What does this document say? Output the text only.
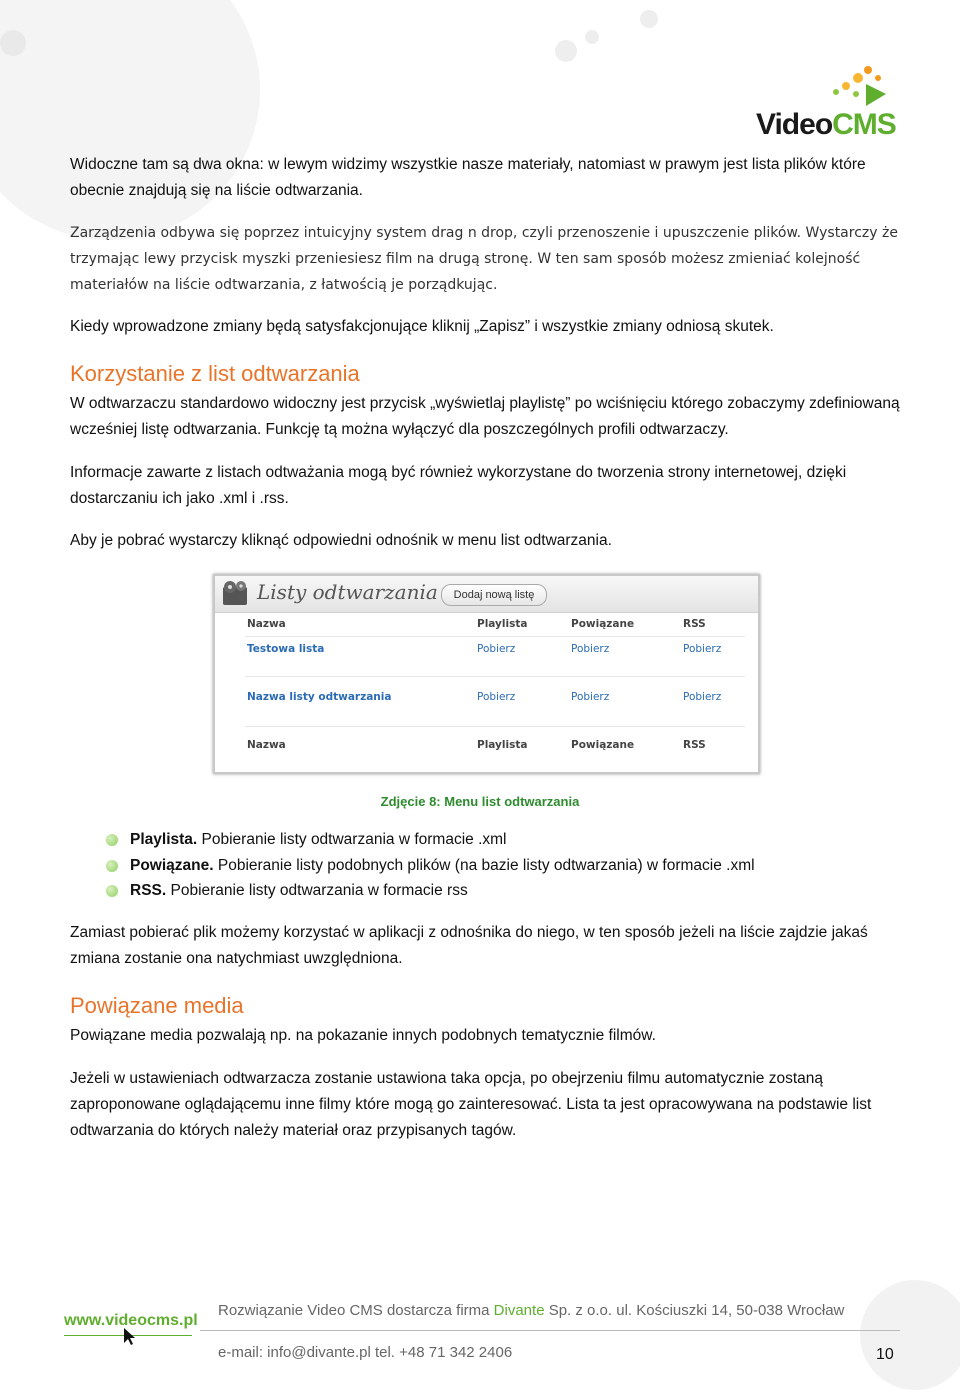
VideoCMS
Widoczne tam są dwa okna: w lewym widzimy wszystkie nasze materiały, natomiast w prawym jest lista plików które obecnie znajdują się na liście odtwarzania.
Zarządzenia odbywa się poprzez intuicyjny system drag n drop, czyli przenoszenie i upuszczenie plików. Wystarczy że trzymając lewy przycisk myszki przeniesiesz film na drugą stronę. W ten sam sposób możesz zmieniać kolejność materiałów na liście odtwarzania, z łatwością je porządkując.
Kiedy wprowadzone zmiany będą satysfakcjonujące kliknij „Zapisz” i wszystkie zmiany odniosą skutek.
Korzystanie z list odtwarzania
W odtwarzaczu standardowo widoczny jest przycisk „wyświetlaj playlistę” po wciśnięciu którego zobaczymy zdefiniowaną wcześniej listę odtwarzania. Funkcję tą można wyłączyć dla poszczególnych profili odtwarzaczy.
Informacje zawarte z listach odtważania mogą być również wykorzystane do tworzenia strony internetowej, dzięki dostarczaniu ich jako .xml i .rss.
Aby je pobrać wystarczy kliknąć odpowiedni odnośnik w menu list odtwarzania.
Listy odtwarzania	Dodaj nową listę
Nazwa	Playlista	Powiązane	RSS
Testowa lista	Pobierz	Pobierz	Pobierz
Nazwa listy odtwarzania	Pobierz	Pobierz	Pobierz
Nazwa	Playlista	Powiązane	RSS
Zdjęcie 8: Menu list odtwarzania
Playlista. Pobieranie listy odtwarzania w formacie .xml
Powiązane. Pobieranie listy podobnych plików (na bazie listy odtwarzania) w formacie .xml
RSS. Pobieranie listy odtwarzania w formacie rss
Zamiast pobierać plik możemy korzystać w aplikacji z odnośnika do niego, w ten sposób jeżeli na liście zajdzie jakaś zmiana zostanie ona natychmiast uwzględniona.
Powiązane media
Powiązane media pozwalają np. na pokazanie innych podobnych tematycznie filmów.
Jeżeli w ustawieniach odtwarzacza zostanie ustawiona taka opcja, po obejrzeniu filmu automatycznie zostaną zaproponowane oglądającemu inne filmy które mogą go zainteresować. Lista ta jest opracowywana na podstawie list odtwarzania do których należy materiał oraz przypisanych tagów.
www.videocms.pl
Rozwiązanie Video CMS dostarcza firma Divante Sp. z o.o. ul. Kościuszki 14, 50-038 Wrocław
e-mail: info@divante.pl tel. +48 71 342 2406	10
